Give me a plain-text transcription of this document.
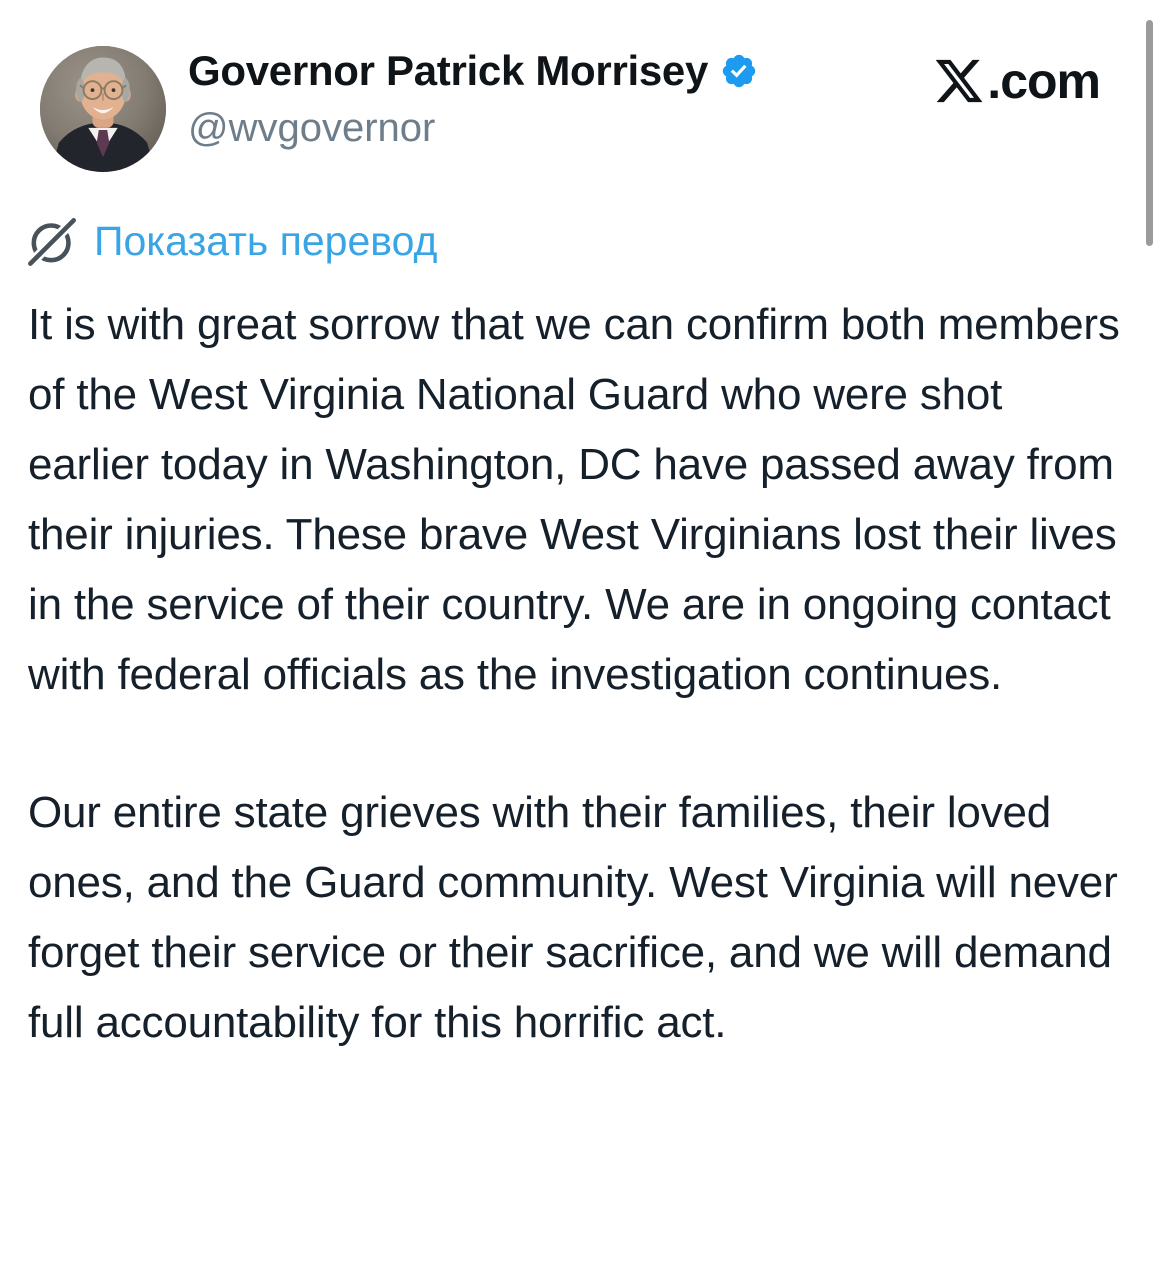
Governor Patrick Morrisey
@wvgovernor
.com
Показать перевод

It is with great sorrow that we can confirm both members of the West Virginia National Guard who were shot earlier today in Washington, DC have passed away from their injuries. These brave West Virginians lost their lives in the service of their country. We are in ongoing contact with federal officials as the investigation continues.

Our entire state grieves with their families, their loved ones, and the Guard community. West Virginia will never forget their service or their sacrifice, and we will demand full accountability for this horrific act.
